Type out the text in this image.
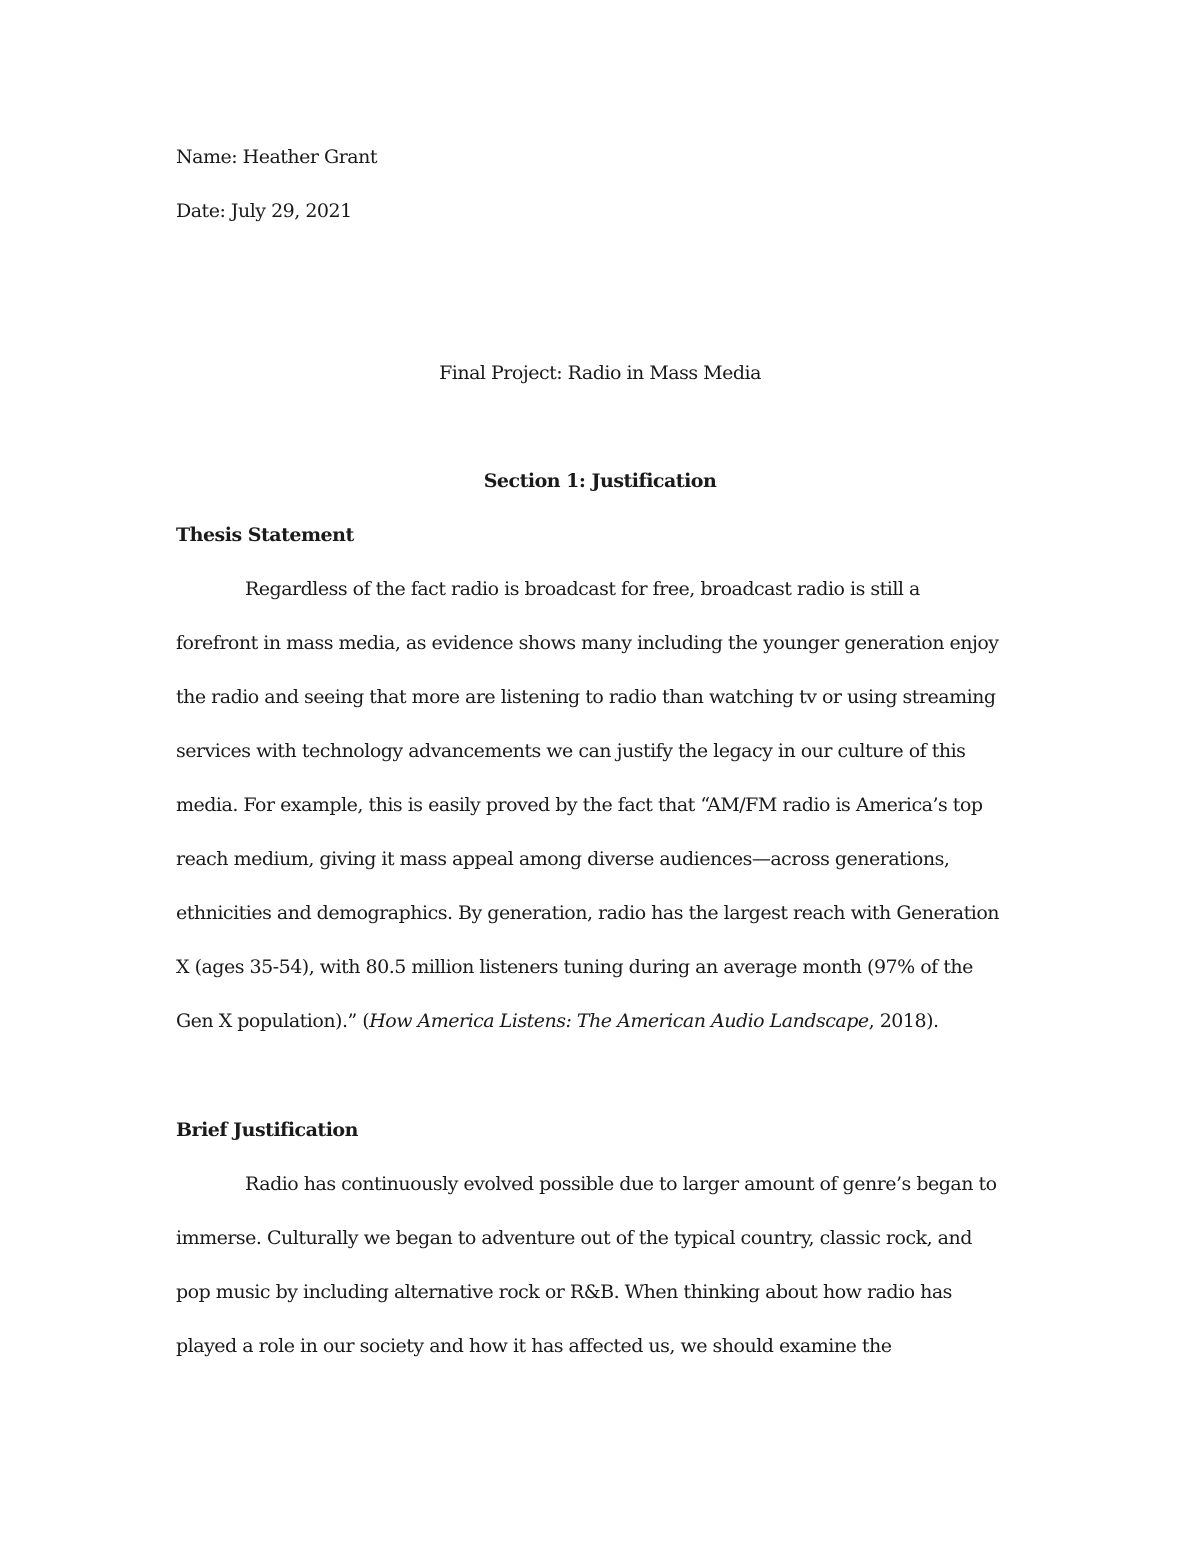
Name: Heather Grant
Date: July 29, 2021
Final Project: Radio in Mass Media
Section 1: Justification
Thesis Statement
Regardless of the fact radio is broadcast for free, broadcast radio is still a
forefront in mass media, as evidence shows many including the younger generation enjoy
the radio and seeing that more are listening to radio than watching tv or using streaming
services with technology advancements we can justify the legacy in our culture of this
media. For example, this is easily proved by the fact that “AM/FM radio is America’s top
reach medium, giving it mass appeal among diverse audiences—across generations,
ethnicities and demographics. By generation, radio has the largest reach with Generation
X (ages 35-54), with 80.5 million listeners tuning during an average month (97% of the
Gen X population).” (How America Listens: The American Audio Landscape, 2018).
Brief Justification
Radio has continuously evolved possible due to larger amount of genre’s began to
immerse. Culturally we began to adventure out of the typical country, classic rock, and
pop music by including alternative rock or R&B. When thinking about how radio has
played a role in our society and how it has affected us, we should examine the
